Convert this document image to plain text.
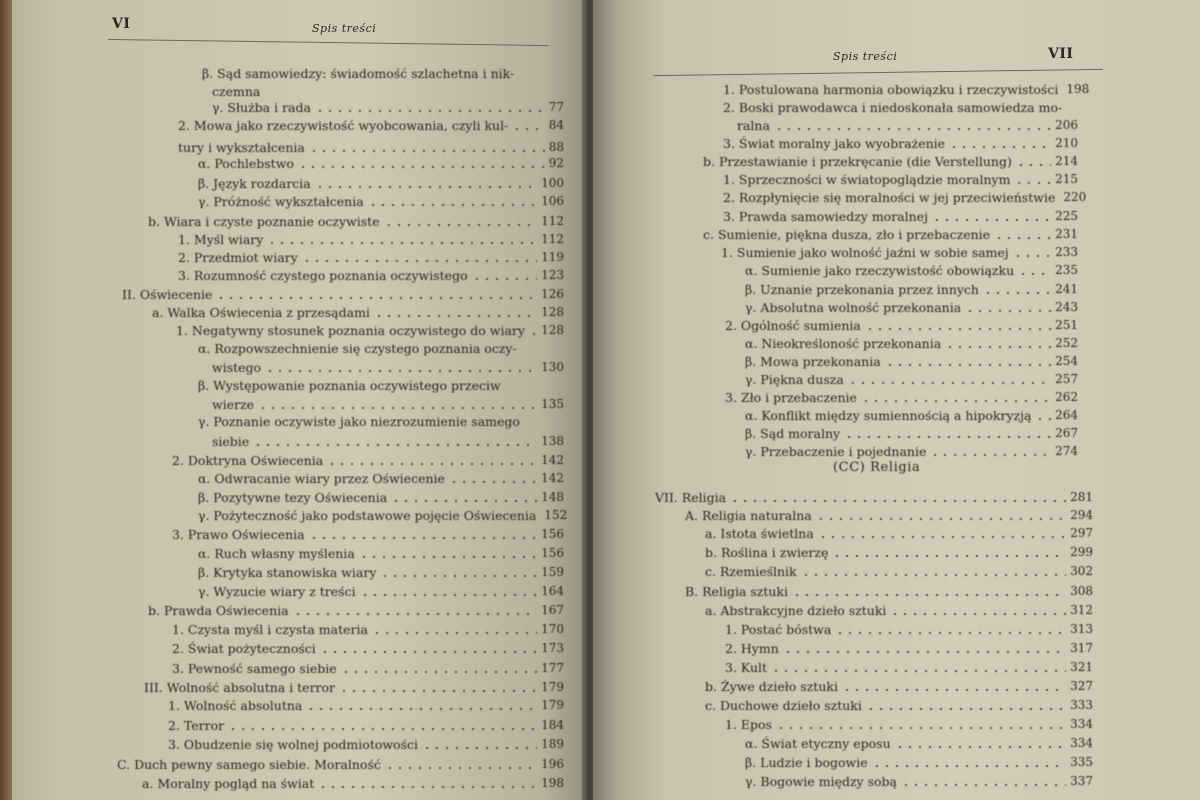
VI	Spis treści
β. Sąd samowiedzy: świadomość szlachetna i nik-
czemna
γ. Służba i rada	77
2. Mowa jako rzeczywistość wyobcowania, czyli kul-	84
tury i wykształcenia	88
α. Pochlebstwo	92
β. Język rozdarcia	100
γ. Próżność wykształcenia	106
b. Wiara i czyste poznanie oczywiste	112
1. Myśl wiary	112
2. Przedmiot wiary	119
3. Rozumność czystego poznania oczywistego	123
II. Oświecenie	126
a. Walka Oświecenia z przesądami	128
1. Negatywny stosunek poznania oczywistego do wiary 128
α. Rozpowszechnienie się czystego poznania oczy-
wistego	130
β. Występowanie poznania oczywistego przeciw
wierze	135
γ. Poznanie oczywiste jako niezrozumienie samego
siebie	138
2. Doktryna Oświecenia	142
α. Odwracanie wiary przez Oświecenie	142
β. Pozytywne tezy Oświecenia	148
γ. Pożyteczność jako podstawowe pojęcie Oświecenia 152
3. Prawo Oświecenia	156
α. Ruch własny myślenia	156
β. Krytyka stanowiska wiary	159
γ. Wyzucie wiary z treści	164
b. Prawda Oświecenia	167
1. Czysta myśl i czysta materia	170
2. Świat pożyteczności	173
3. Pewność samego siebie	177
III. Wolność absolutna i terror	179
1. Wolność absolutna	179
2. Terror	184
3. Obudzenie się wolnej podmiotowości	189
C. Duch pewny samego siebie. Moralność	196
a. Moralny pogląd na świat	198
Spis treści	VII
1. Postulowana harmonia obowiązku i rzeczywistości 198
2. Boski prawodawca i niedoskonała samowiedza mo-
ralna	206
3. Świat moralny jako wyobrażenie	210
b. Przestawianie i przekręcanie (die Verstellung)	214
1. Sprzeczności w światopoglądzie moralnym	215
2. Rozpłynięcie się moralności w jej przeciwieństwie 220
3. Prawda samowiedzy moralnej	225
c. Sumienie, piękna dusza, zło i przebaczenie	231
1. Sumienie jako wolność jaźni w sobie samej	233
α. Sumienie jako rzeczywistość obowiązku	235
β. Uznanie przekonania przez innych	241
γ. Absolutna wolność przekonania	243
2. Ogólność sumienia	251
α. Nieokreśloność przekonania	252
β. Mowa przekonania	254
γ. Piękna dusza	257
3. Zło i przebaczenie	262
α. Konflikt między sumiennością a hipokryzją 264
β. Sąd moralny	267
γ. Przebaczenie i pojednanie	274
(CC) Religia
VII. Religia	281
A. Religia naturalna	294
a. Istota świetlna	297
b. Roślina i zwierzę	299
c. Rzemieślnik	302
B. Religia sztuki	308
a. Abstrakcyjne dzieło sztuki	312
1. Postać bóstwa	313
2. Hymn	317
3. Kult	321
b. Żywe dzieło sztuki	327
c. Duchowe dzieło sztuki	333
1. Epos	334
α. Świat etyczny eposu	334
β. Ludzie i bogowie	335
γ. Bogowie między sobą	337
